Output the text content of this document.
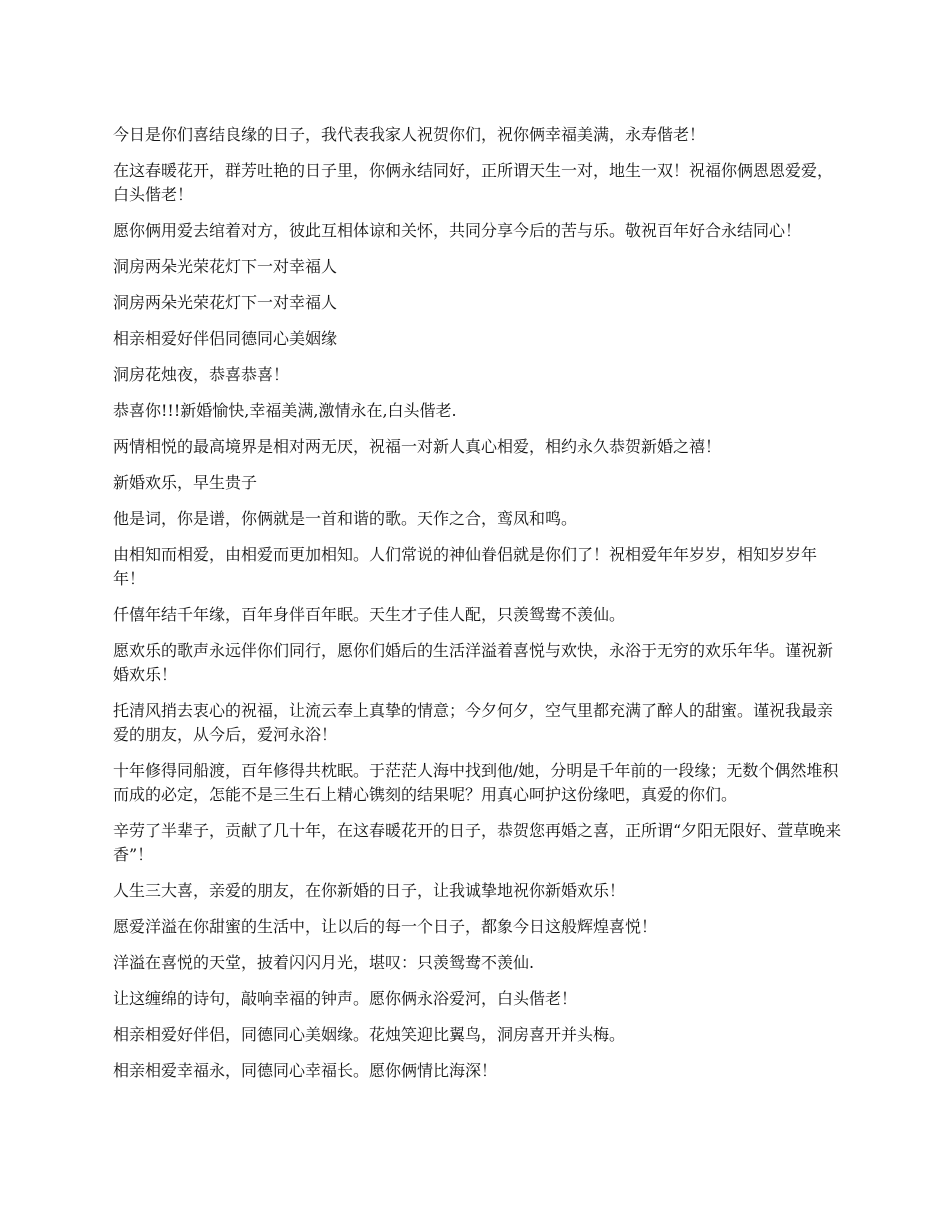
今日是你们喜结良缘的日子，我代表我家人祝贺你们，祝你俩幸福美满，永寿偕老！

在这春暖花开，群芳吐艳的日子里，你俩永结同好，正所谓天生一对，地生一双！祝福你俩恩恩爱爱，白头偕老！

愿你俩用爱去绾着对方，彼此互相体谅和关怀，共同分享今后的苦与乐。敬祝百年好合永结同心！

洞房两朵光荣花灯下一对幸福人

洞房两朵光荣花灯下一对幸福人

相亲相爱好伴侣同德同心美姻缘

洞房花烛夜，恭喜恭喜！

恭喜你!!!新婚愉快,幸福美满,激情永在,白头偕老.

两情相悦的最高境界是相对两无厌，祝福一对新人真心相爱，相约永久恭贺新婚之禧！

新婚欢乐，早生贵子

他是词，你是谱，你俩就是一首和谐的歌。天作之合，鸾凤和鸣。

由相知而相爱，由相爱而更加相知。人们常说的神仙眷侣就是你们了！祝相爱年年岁岁，相知岁岁年年！

仟僖年结千年缘，百年身伴百年眠。天生才子佳人配，只羡鸳鸯不羡仙。

愿欢乐的歌声永远伴你们同行，愿你们婚后的生活洋溢着喜悦与欢快，永浴于无穷的欢乐年华。谨祝新婚欢乐！

托清风捎去衷心的祝福，让流云奉上真挚的情意；今夕何夕，空气里都充满了醉人的甜蜜。谨祝我最亲爱的朋友，从今后，爱河永浴！

十年修得同船渡，百年修得共枕眠。于茫茫人海中找到他/她，分明是千年前的一段缘；无数个偶然堆积而成的必定，怎能不是三生石上精心镌刻的结果呢？用真心呵护这份缘吧，真爱的你们。

辛劳了半辈子，贡献了几十年，在这春暖花开的日子，恭贺您再婚之喜，正所谓“夕阳无限好、萱草晚来香”！

人生三大喜，亲爱的朋友，在你新婚的日子，让我诚挚地祝你新婚欢乐！

愿爱洋溢在你甜蜜的生活中，让以后的每一个日子，都象今日这般辉煌喜悦！

洋溢在喜悦的天堂，披着闪闪月光，堪叹：只羡鸳鸯不羡仙.

让这缠绵的诗句，敲响幸福的钟声。愿你俩永浴爱河，白头偕老！

相亲相爱好伴侣，同德同心美姻缘。花烛笑迎比翼鸟，洞房喜开并头梅。

相亲相爱幸福永，同德同心幸福长。愿你俩情比海深！
